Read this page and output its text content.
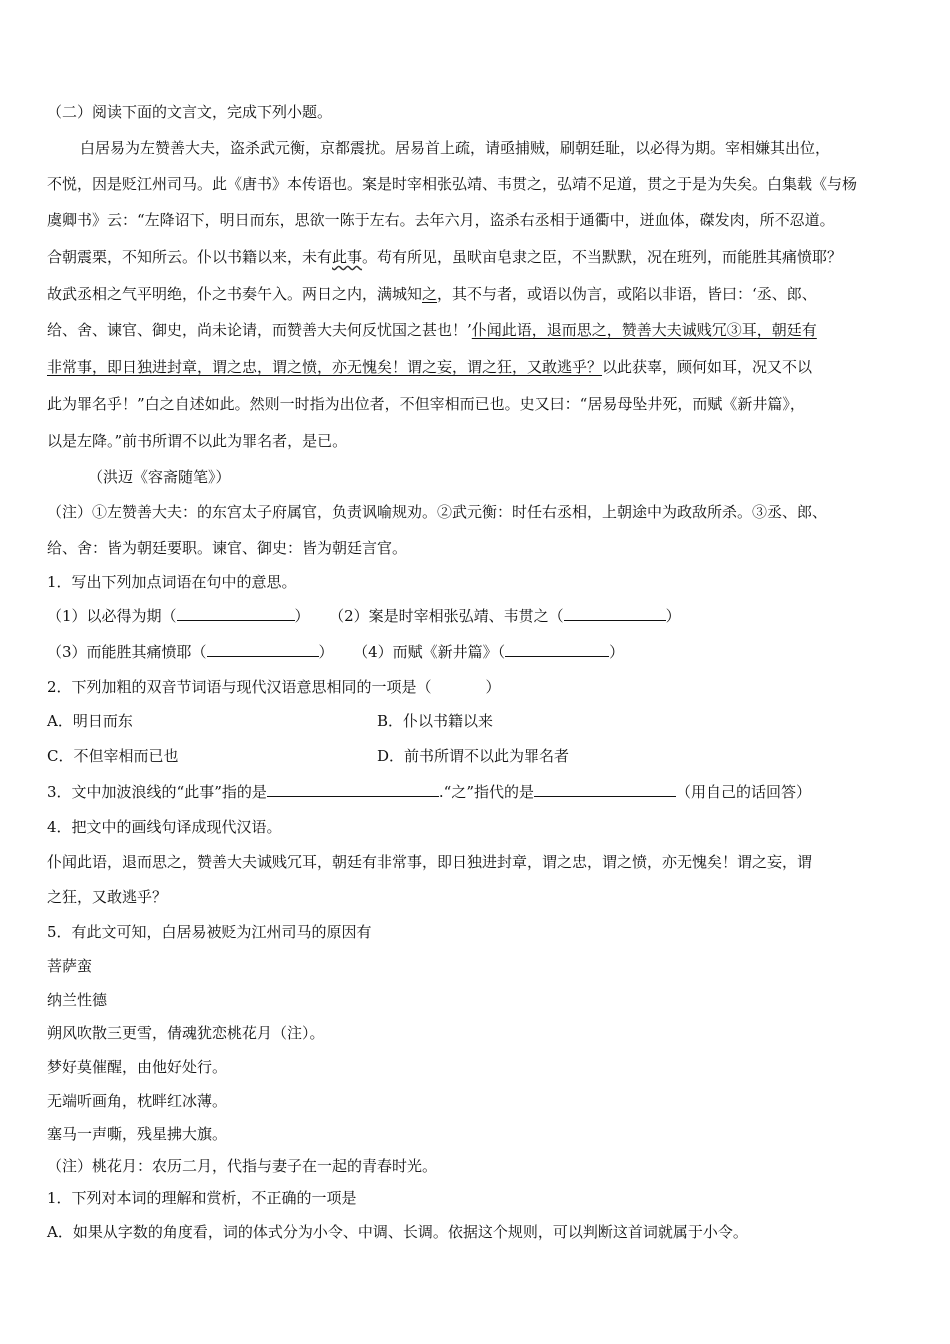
（二）阅读下面的文言文，完成下列小题。
白居易为左赞善大夫，盗杀武元衡，京都震扰。居易首上疏，请亟捕贼，刷朝廷耻，以必得为期。宰相嫌其出位，
不悦，因是贬江州司马。此《唐书》本传语也。案是时宰相张弘靖、韦贯之，弘靖不足道，贯之于是为失矣。白集载《与杨
虞卿书》云：“左降诏下，明日而东，思欲一陈于左右。去年六月，盗杀右丞相于通衢中，迸血体，磔发肉，所不忍道。
合朝震栗，不知所云。仆以书籍以来，未有此事。苟有所见，虽畎亩皂隶之臣，不当默默，况在班列，而能胜其痛愤耶？
故武丞相之气平明绝，仆之书奏午入。两日之内，满城知之，其不与者，或语以伪言，或陷以非语，皆曰：‘丞、郎、
给、舍、谏官、御史，尚未论请，而赞善大夫何反忧国之甚也！’仆闻此语，退而思之，赞善大夫诚贱冗③耳，朝廷有
非常事，即日独进封章，谓之忠，谓之愤，亦无愧矣！谓之妄，谓之狂，又敢逃乎？以此获辜，顾何如耳，况又不以
此为罪名乎！”白之自述如此。然则一时指为出位者，不但宰相而已也。史又曰：“居易母坠井死，而赋《新井篇》，
以是左降。”前书所谓不以此为罪名者，是已。
（洪迈《容斋随笔》）
（注）①左赞善大夫：的东宫太子府属官，负责讽喻规劝。②武元衡：时任右丞相，上朝途中为政敌所杀。③丞、郎、
给、舍：皆为朝廷要职。谏官、御史：皆为朝廷言官。
1．写出下列加点词语在句中的意思。
（1）以必得为期（	） （2）案是时宰相张弘靖、韦贯之（	）
（3）而能胜其痛愤耶（	） （4）而赋《新井篇》（	）
2．下列加粗的双音节词语与现代汉语意思相同的一项是（	）
A．明日而东	B．仆以书籍以来
C．不但宰相而已也	D．前书所谓不以此为罪名者
3．文中加波浪线的“此事”指的是	.“之”指代的是	（用自己的话回答）
4．把文中的画线句译成现代汉语。
仆闻此语，退而思之，赞善大夫诚贱冗耳，朝廷有非常事，即日独进封章，谓之忠，谓之愤，亦无愧矣！谓之妄，谓
之狂，又敢逃乎？
5．有此文可知，白居易被贬为江州司马的原因有
菩萨蛮
纳兰性德
朔风吹散三更雪，倩魂犹恋桃花月（注）。
梦好莫催醒，由他好处行。
无端听画角，枕畔红冰薄。
塞马一声嘶，残星拂大旗。
（注）桃花月：农历二月，代指与妻子在一起的青春时光。
1．下列对本词的理解和赏析，不正确的一项是
A．如果从字数的角度看，词的体式分为小令、中调、长调。依据这个规则，可以判断这首词就属于小令。
